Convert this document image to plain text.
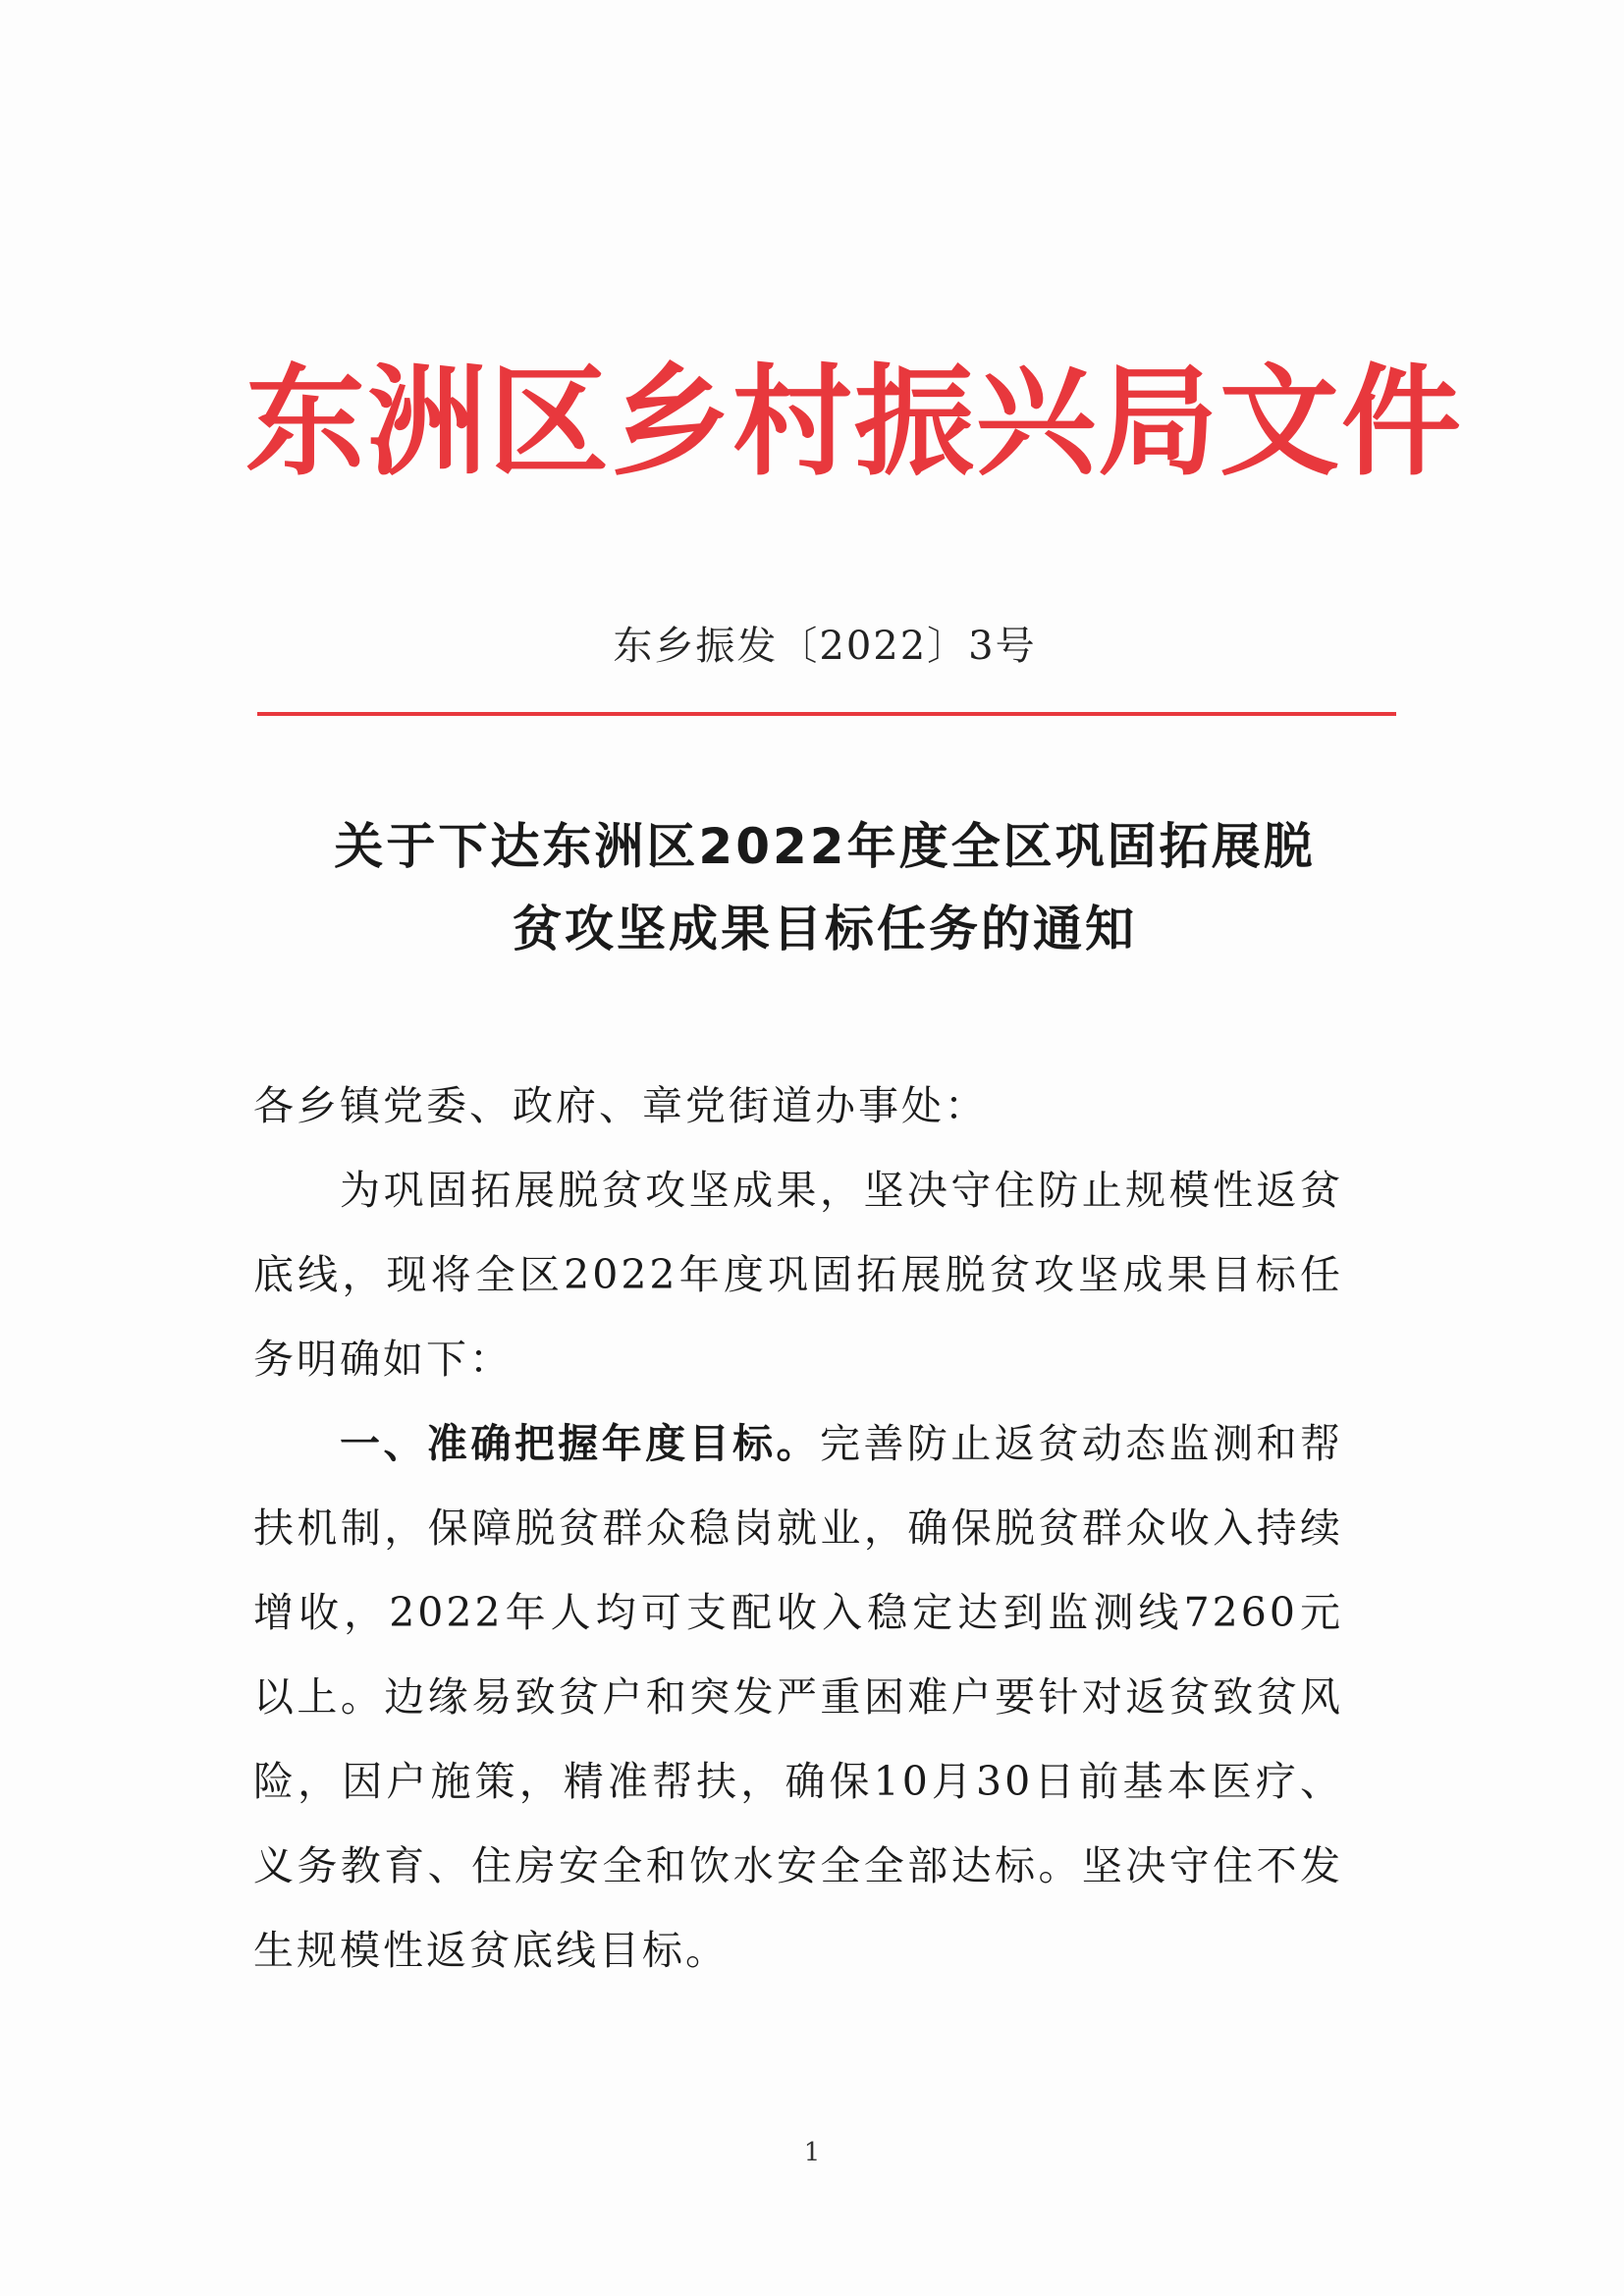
东洲区乡村振兴局文件
东乡振发〔2022〕3号
关于下达东洲区2022年度全区巩固拓展脱
贫攻坚成果目标任务的通知

各乡镇党委、政府、章党街道办事处：

为巩固拓展脱贫攻坚成果，坚决守住防止规模性返贫底线，现将全区2022年度巩固拓展脱贫攻坚成果目标任务明确如下：

一、准确把握年度目标。完善防止返贫动态监测和帮扶机制，保障脱贫群众稳岗就业，确保脱贫群众收入持续增收，2022年人均可支配收入稳定达到监测线7260元以上。边缘易致贫户和突发严重困难户要针对返贫致贫风险，因户施策，精准帮扶，确保10月30日前基本医疗、义务教育、住房安全和饮水安全全部达标。坚决守住不发生规模性返贫底线目标。

1
